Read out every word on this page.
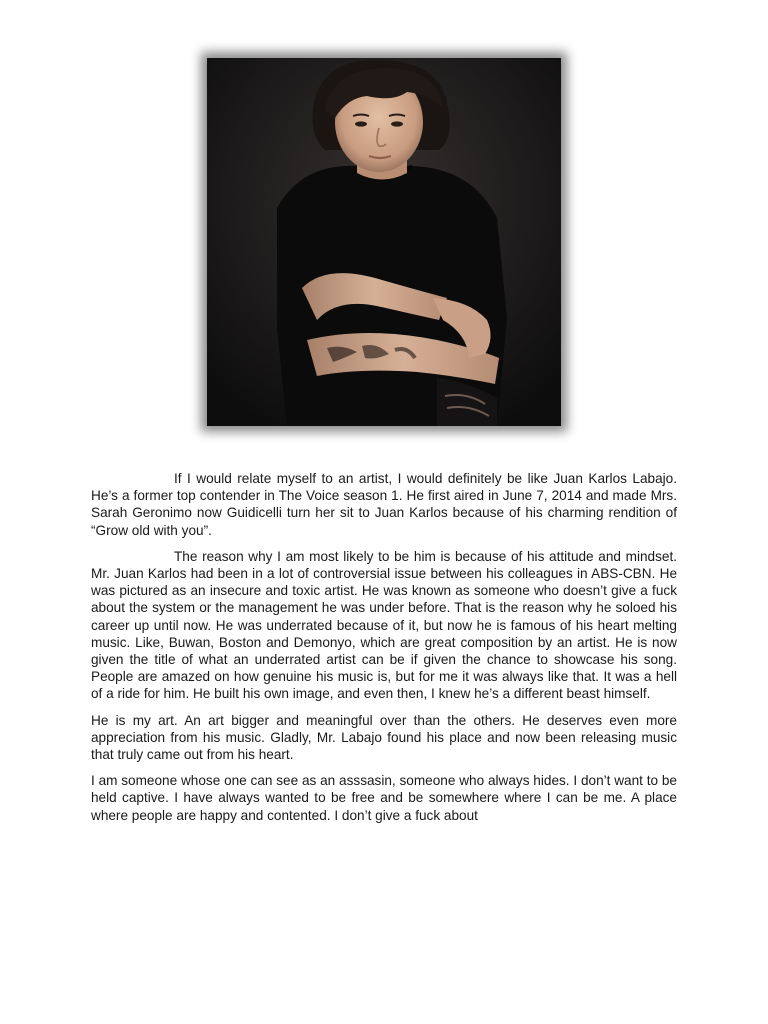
If I would relate myself to an artist, I would definitely be like Juan Karlos Labajo. He’s a former top contender in The Voice season 1. He first aired in June 7, 2014 and made Mrs. Sarah Geronimo now Guidicelli turn her sit to Juan Karlos because of his charming rendition of “Grow old with you”.

The reason why I am most likely to be him is because of his attitude and mindset. Mr. Juan Karlos had been in a lot of controversial issue between his colleagues in ABS-CBN. He was pictured as an insecure and toxic artist. He was known as someone who doesn’t give a fuck about the system or the management he was under before. That is the reason why he soloed his career up until now. He was underrated because of it, but now he is famous of his heart melting music. Like, Buwan, Boston and Demonyo, which are great composition by an artist. He is now given the title of what an underrated artist can be if given the chance to showcase his song. People are amazed on how genuine his music is, but for me it was always like that. It was a hell of a ride for him. He built his own image, and even then, I knew he’s a different beast himself.

He is my art. An art bigger and meaningful over than the others. He deserves even more appreciation from his music. Gladly, Mr. Labajo found his place and now been releasing music that truly came out from his heart.

I am someone whose one can see as an asssasin, someone who always hides. I don’t want to be held captive. I have always wanted to be free and be somewhere where I can be me. A place where people are happy and contented. I don’t give a fuck about
